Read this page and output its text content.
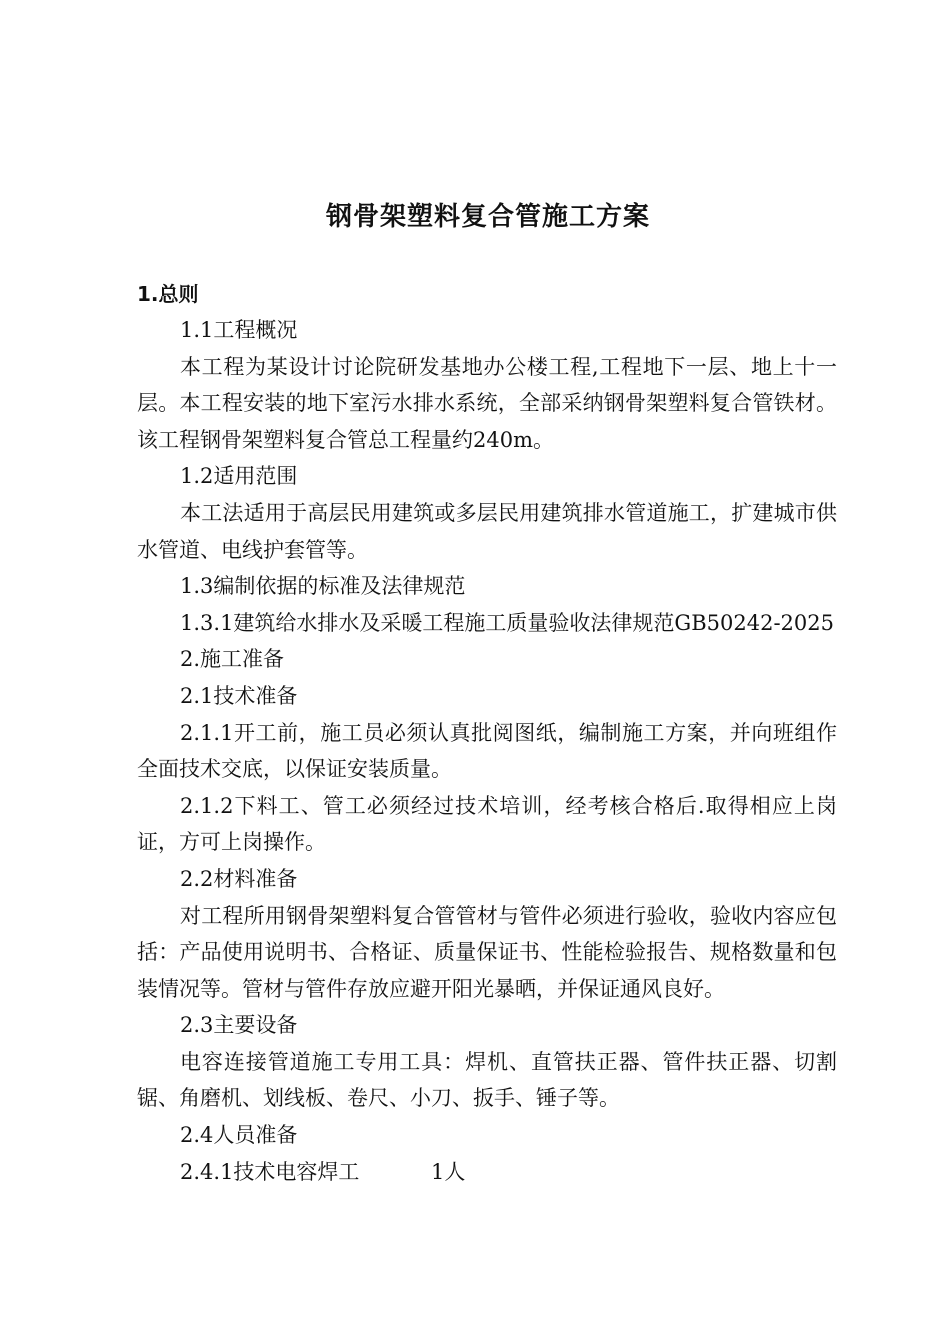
钢骨架塑料复合管施工方案
1.总则

1.1工程概况

本工程为某设计讨论院研发基地办公楼工程,工程地下一层、地上十一层。本工程安装的地下室污水排水系统，全部采纳钢骨架塑料复合管铁材。该工程钢骨架塑料复合管总工程量约240m。

1.2适用范围

本工法适用于高层民用建筑或多层民用建筑排水管道施工，扩建城市供水管道、电线护套管等。

1.3编制依据的标准及法律规范

1.3.1建筑给水排水及采暖工程施工质量验收法律规范GB50242-2025

2.施工准备

2.1技术准备

2.1.1开工前，施工员必须认真批阅图纸，编制施工方案，并向班组作全面技术交底，以保证安装质量。

2.1.2下料工、管工必须经过技术培训，经考核合格后.取得相应上岗证，方可上岗操作。

2.2材料准备

对工程所用钢骨架塑料复合管管材与管件必须进行验收，验收内容应包括：产品使用说明书、合格证、质量保证书、性能检验报告、规格数量和包装情况等。管材与管件存放应避开阳光暴晒，并保证通风良好。

2.3主要设备

电容连接管道施工专用工具：焊机、直管扶正器、管件扶正器、切割锯、角磨机、划线板、卷尺、小刀、扳手、锤子等。

2.4人员准备

2.4.1技术电容焊工	1人
